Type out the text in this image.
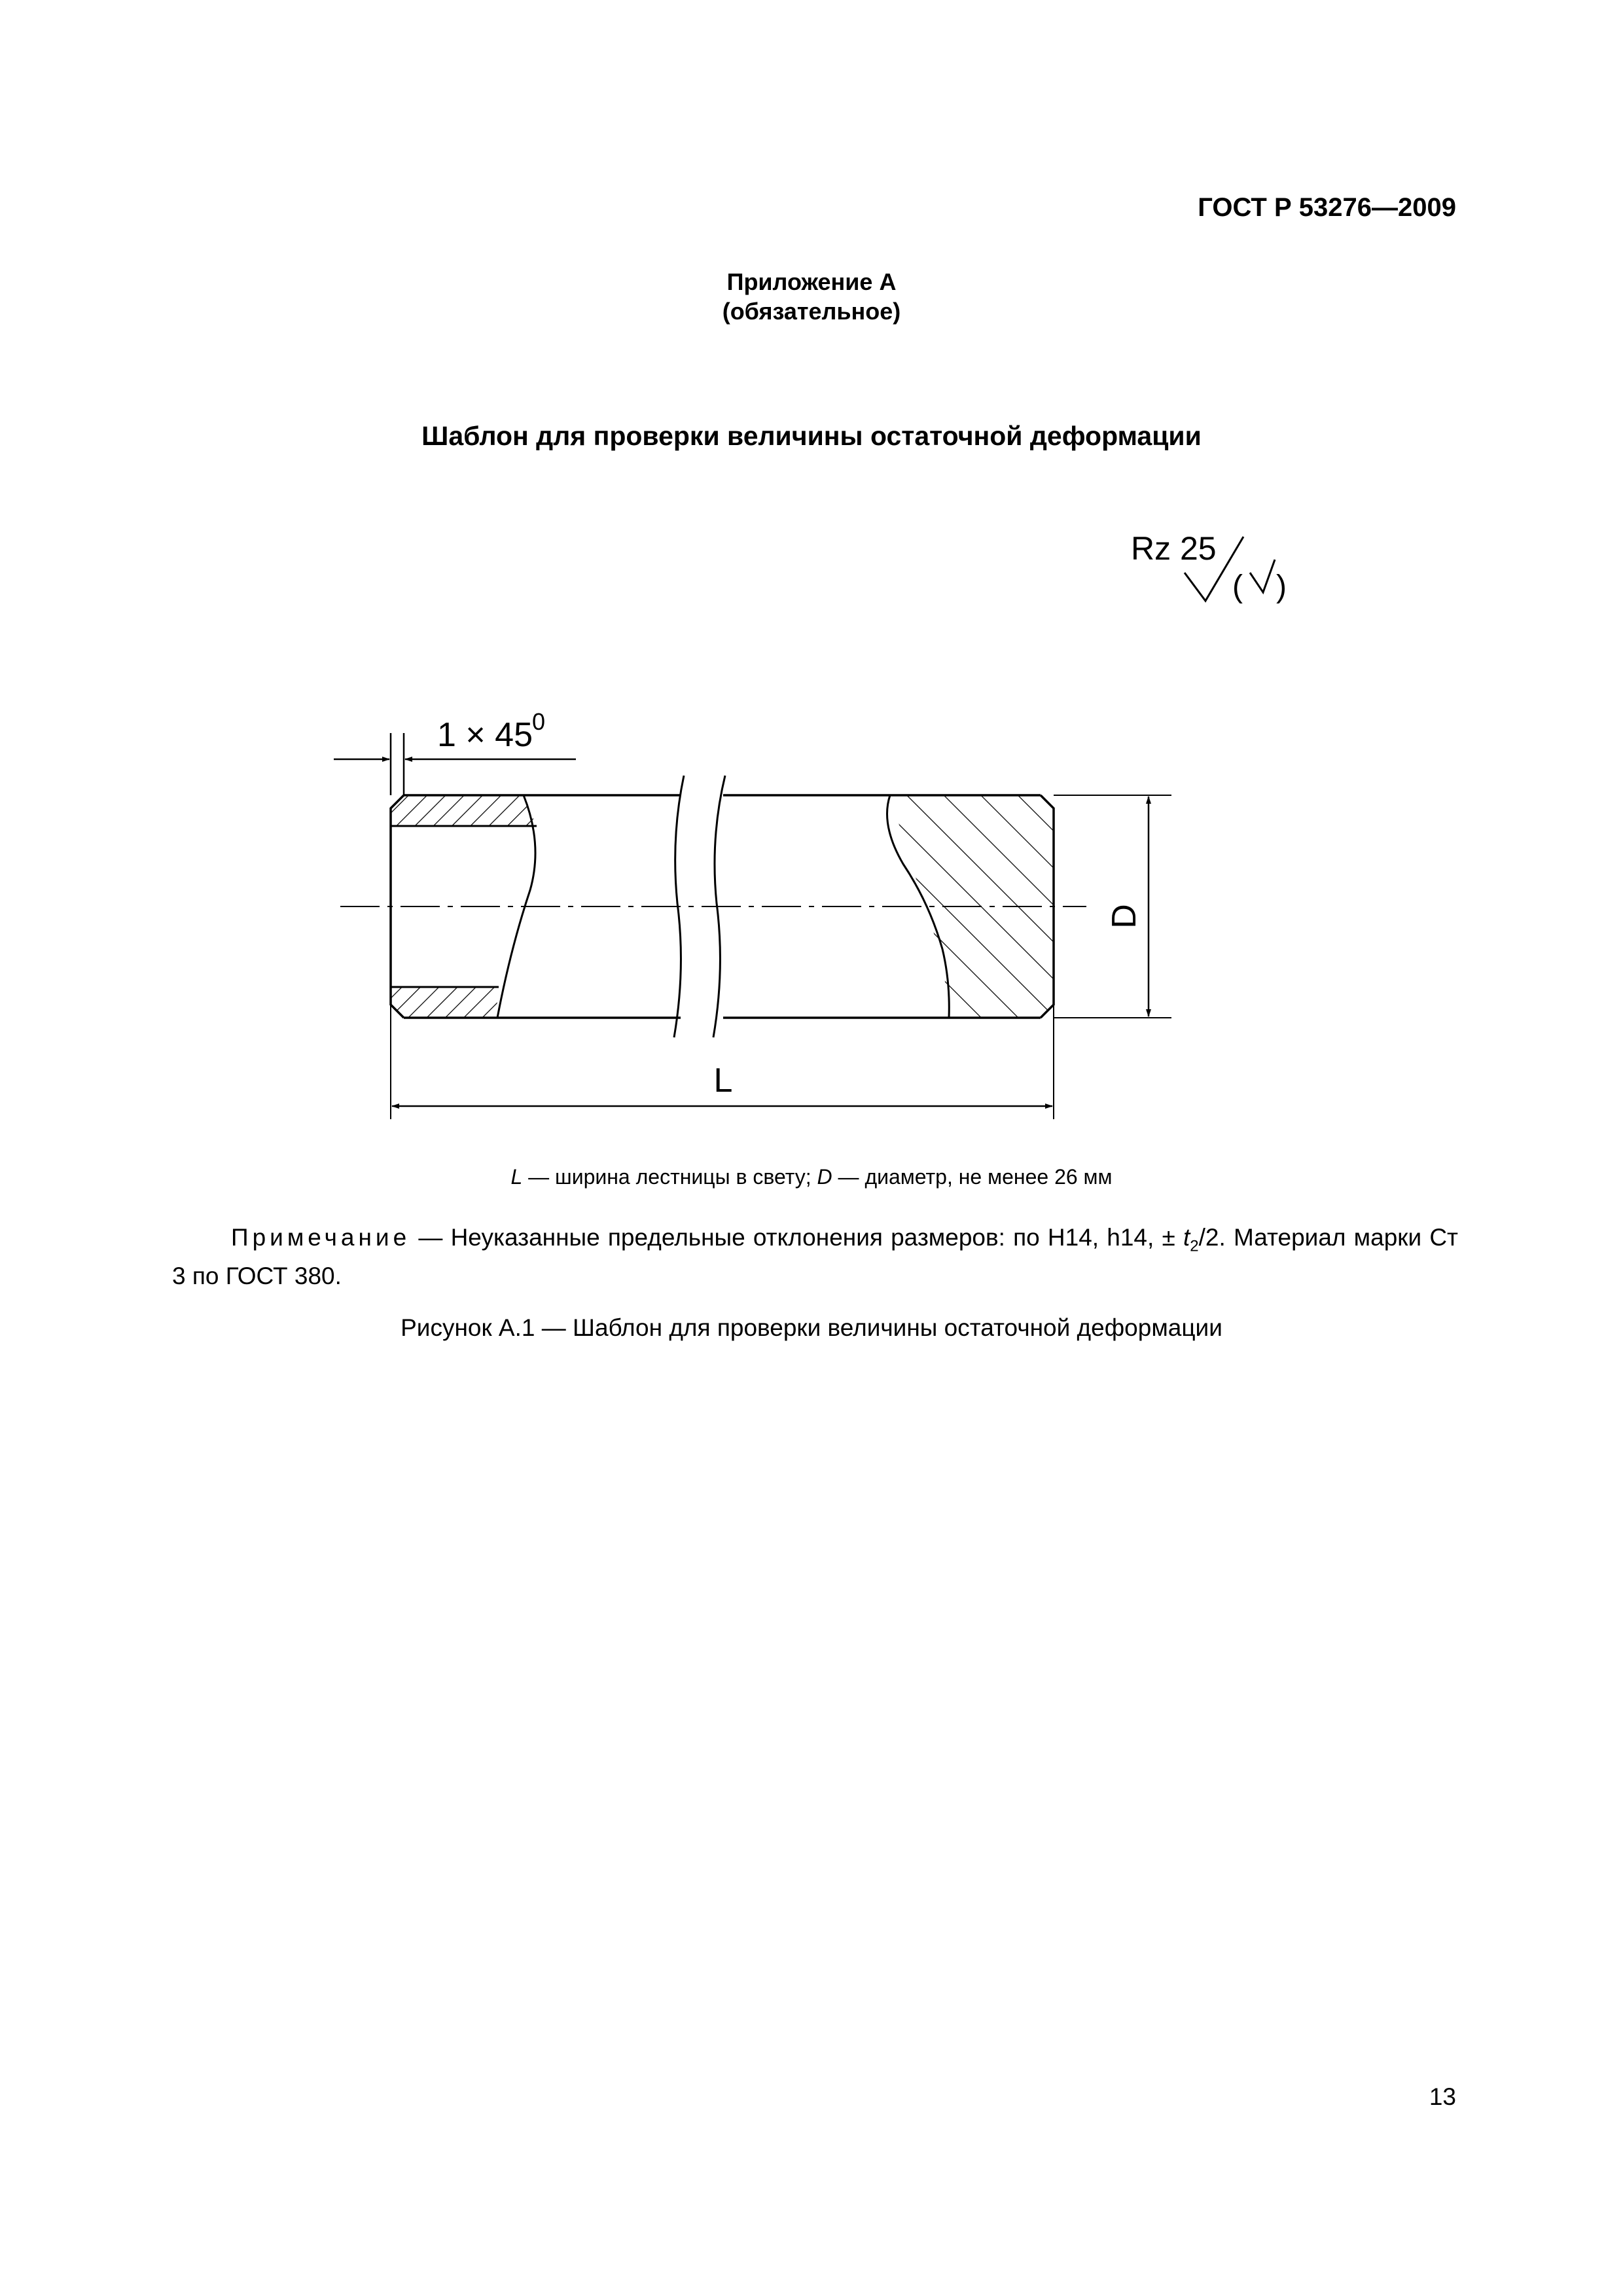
ГОСТ Р 53276—2009
Приложение А
(обязательное)
Шаблон для проверки величины остаточной деформации
Rz 25
( )
1 × 45
0
D
L
L — ширина лестницы в свету; D — диаметр, не менее 26 мм
Примечание — Неуказанные предельные отклонения размеров: по H14, h14, ± $t_2/2$. Материал марки Ст 3 по ГОСТ 380.
Рисунок А.1 — Шаблон для проверки величины остаточной деформации
13
